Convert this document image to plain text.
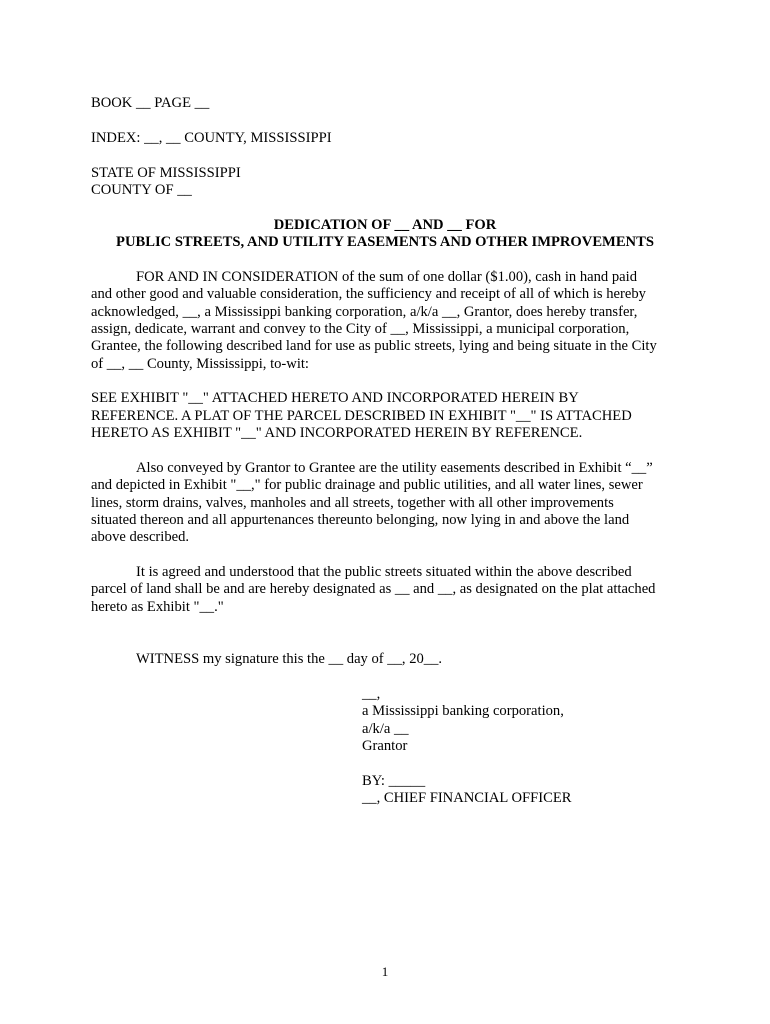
BOOK __ PAGE __
INDEX: __, __ COUNTY, MISSISSIPPI
STATE OF MISSISSIPPI
COUNTY OF __
DEDICATION OF __ AND __ FOR
PUBLIC STREETS, AND UTILITY EASEMENTS AND OTHER IMPROVEMENTS
FOR AND IN CONSIDERATION of the sum of one dollar ($1.00), cash in hand paid
and other good and valuable consideration, the sufficiency and receipt of all of which is hereby
acknowledged, __, a Mississippi banking corporation, a/k/a __, Grantor, does hereby transfer,
assign, dedicate, warrant and convey to the City of __, Mississippi, a municipal corporation,
Grantee, the following described land for use as public streets, lying and being situate in the City
of __, __ County, Mississippi, to-wit:
SEE EXHIBIT "__" ATTACHED HERETO AND INCORPORATED HEREIN BY
REFERENCE. A PLAT OF THE PARCEL DESCRIBED IN EXHIBIT "__" IS ATTACHED
HERETO AS EXHIBIT "__" AND INCORPORATED HEREIN BY REFERENCE.
Also conveyed by Grantor to Grantee are the utility easements described in Exhibit “__”
and depicted in Exhibit "__," for public drainage and public utilities, and all water lines, sewer
lines, storm drains, valves, manholes and all streets, together with all other improvements
situated thereon and all appurtenances thereunto belonging, now lying in and above the land
above described.
It is agreed and understood that the public streets situated within the above described
parcel of land shall be and are hereby designated as __ and __, as designated on the plat attached
hereto as Exhibit "__."
WITNESS my signature this the __ day of __, 20__.
__,
a Mississippi banking corporation,
a/k/a __
Grantor
BY: _____
__, CHIEF FINANCIAL OFFICER
1
